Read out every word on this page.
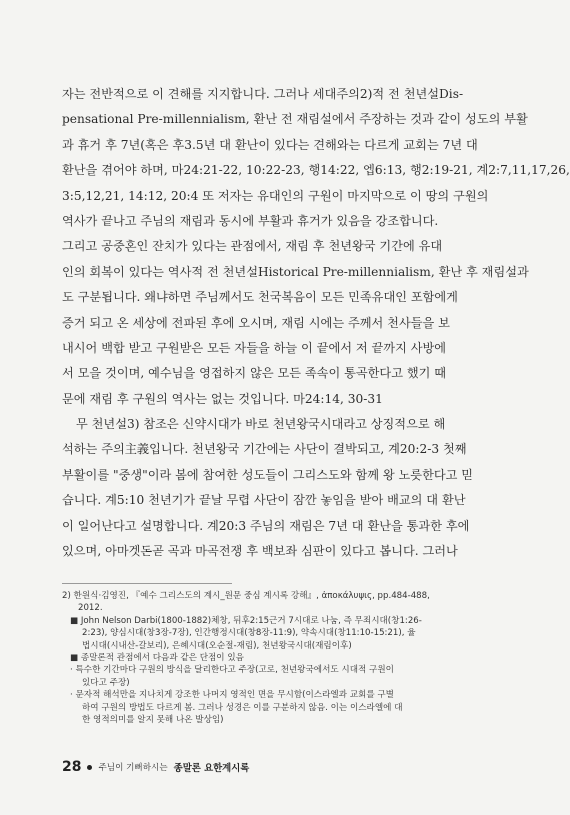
자는 전반적으로 이 견해를 지지합니다. 그러나 세대주의2)적 전 천년설Dis-
pensational Pre-millennialism, 환난 전 재림설에서 주장하는 것과 같이 성도의 부활
과 휴거 후 7년(혹은 후3.5년 대 환난이 있다는 견해와는 다르게 교회는 7년 대
환난을 겪어야 하며, 마24:21-22, 10:22-23, 행14:22, 엡6:13, 행2:19-21, 계2:7,11,17,26,
3:5,12,21, 14:12, 20:4 또 저자는 유대인의 구원이 마지막으로 이 땅의 구원의
역사가 끝나고 주님의 재림과 동시에 부활과 휴거가 있음을 강조합니다.
그리고 공중혼인 잔치가 있다는 관점에서, 재림 후 천년왕국 기간에 유대
인의 회복이 있다는 역사적 전 천년설Historical Pre-millennialism, 환난 후 재림설과
도 구분됩니다. 왜냐하면 주님께서도 천국복음이 모든 민족유대인 포함에게
증거 되고 온 세상에 전파된 후에 오시며, 재림 시에는 주께서 천사들을 보
내시어 백합 받고 구원받은 모든 자들을 하늘 이 끝에서 저 끝까지 사방에
서 모을 것이며, 예수님을 영접하지 않은 모든 족속이 통곡한다고 했기 때
문에 재림 후 구원의 역사는 없는 것입니다. 마24:14, 30-31
무 천년설3) 참조은 신약시대가 바로 천년왕국시대라고 상징적으로 해
석하는 주의主義입니다. 천년왕국 기간에는 사단이 결박되고, 계20:2-3 첫째
부활이를 "중생"이라 봄에 참여한 성도들이 그리스도와 함께 왕 노릇한다고 믿
습니다. 계5:10 천년기가 끝날 무렵 사단이 잠깐 놓임을 받아 배교의 대 환난
이 일어난다고 설명합니다. 계20:3 주님의 재림은 7년 대 환난을 통과한 후에
있으며, 아마겟돈곧 곡과 마곡전쟁 후 백보좌 심판이 있다고 봅니다. 그러나
2) 한원식·김영진, 『예수 그리스도의 계시_원문 중심 계시록 강해』, ἀποκάλυψις, pp.484-488,
2012.
■ John Nelson Darbi(1800-1882)체창, 뒤후2:15근거 7시대로 나눔, 즉 무죄시대(창1:26-
2:23), 양심시대(창3장-7장), 인간행정시대(창8장-11:9), 약속시대(창11:10-15:21), 율
법시대(시내산-갈보리), 은혜시대(오순절-재림), 천년왕국시대(재림이후)
■ 종말론적 관점에서 다음과 같은 단점이 있음
· 특수한 기간마다 구원의 방식을 달리한다고 주장(고로, 천년왕국에서도 시대적 구원이
있다고 주장)
· 문자적 해석만을 지나치게 강조한 나머지 영적인 면을 무시함(이스라엘과 교회를 구별
하여 구원의 방법도 다르게 봄. 그러나 성경은 이를 구분하지 않음. 이는 이스라엘에 대
한 영적의미를 알지 못해 나온 발상임)
28 주님이 기뻐하시는 종말론 요한계시록
